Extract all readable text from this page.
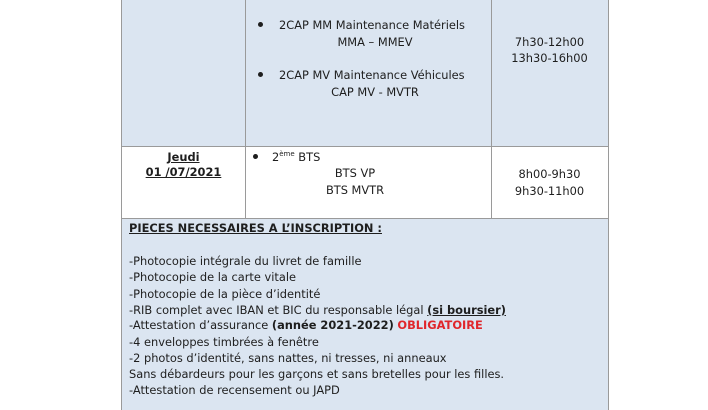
2CAP MM Maintenance Matériels
MMA – MMEV
2CAP MV Maintenance Véhicules
CAP MV - MVTR
7h30-12h00
13h30-16h00
Jeudi
01 /07/2021
2ème BTS
BTS VP
BTS MVTR
8h00-9h30
9h30-11h00
PIECES NECESSAIRES A L’INSCRIPTION :
-Photocopie intégrale du livret de famille
-Photocopie de la carte vitale
-Photocopie de la pièce d’identité
-RIB complet avec IBAN et BIC du responsable légal (si boursier)
-Attestation d’assurance (année 2021-2022) OBLIGATOIRE
-4 enveloppes timbrées à fenêtre
-2 photos d’identité, sans nattes, ni tresses, ni anneaux
Sans débardeurs pour les garçons et sans bretelles pour les filles.
-Attestation de recensement ou JAPD
